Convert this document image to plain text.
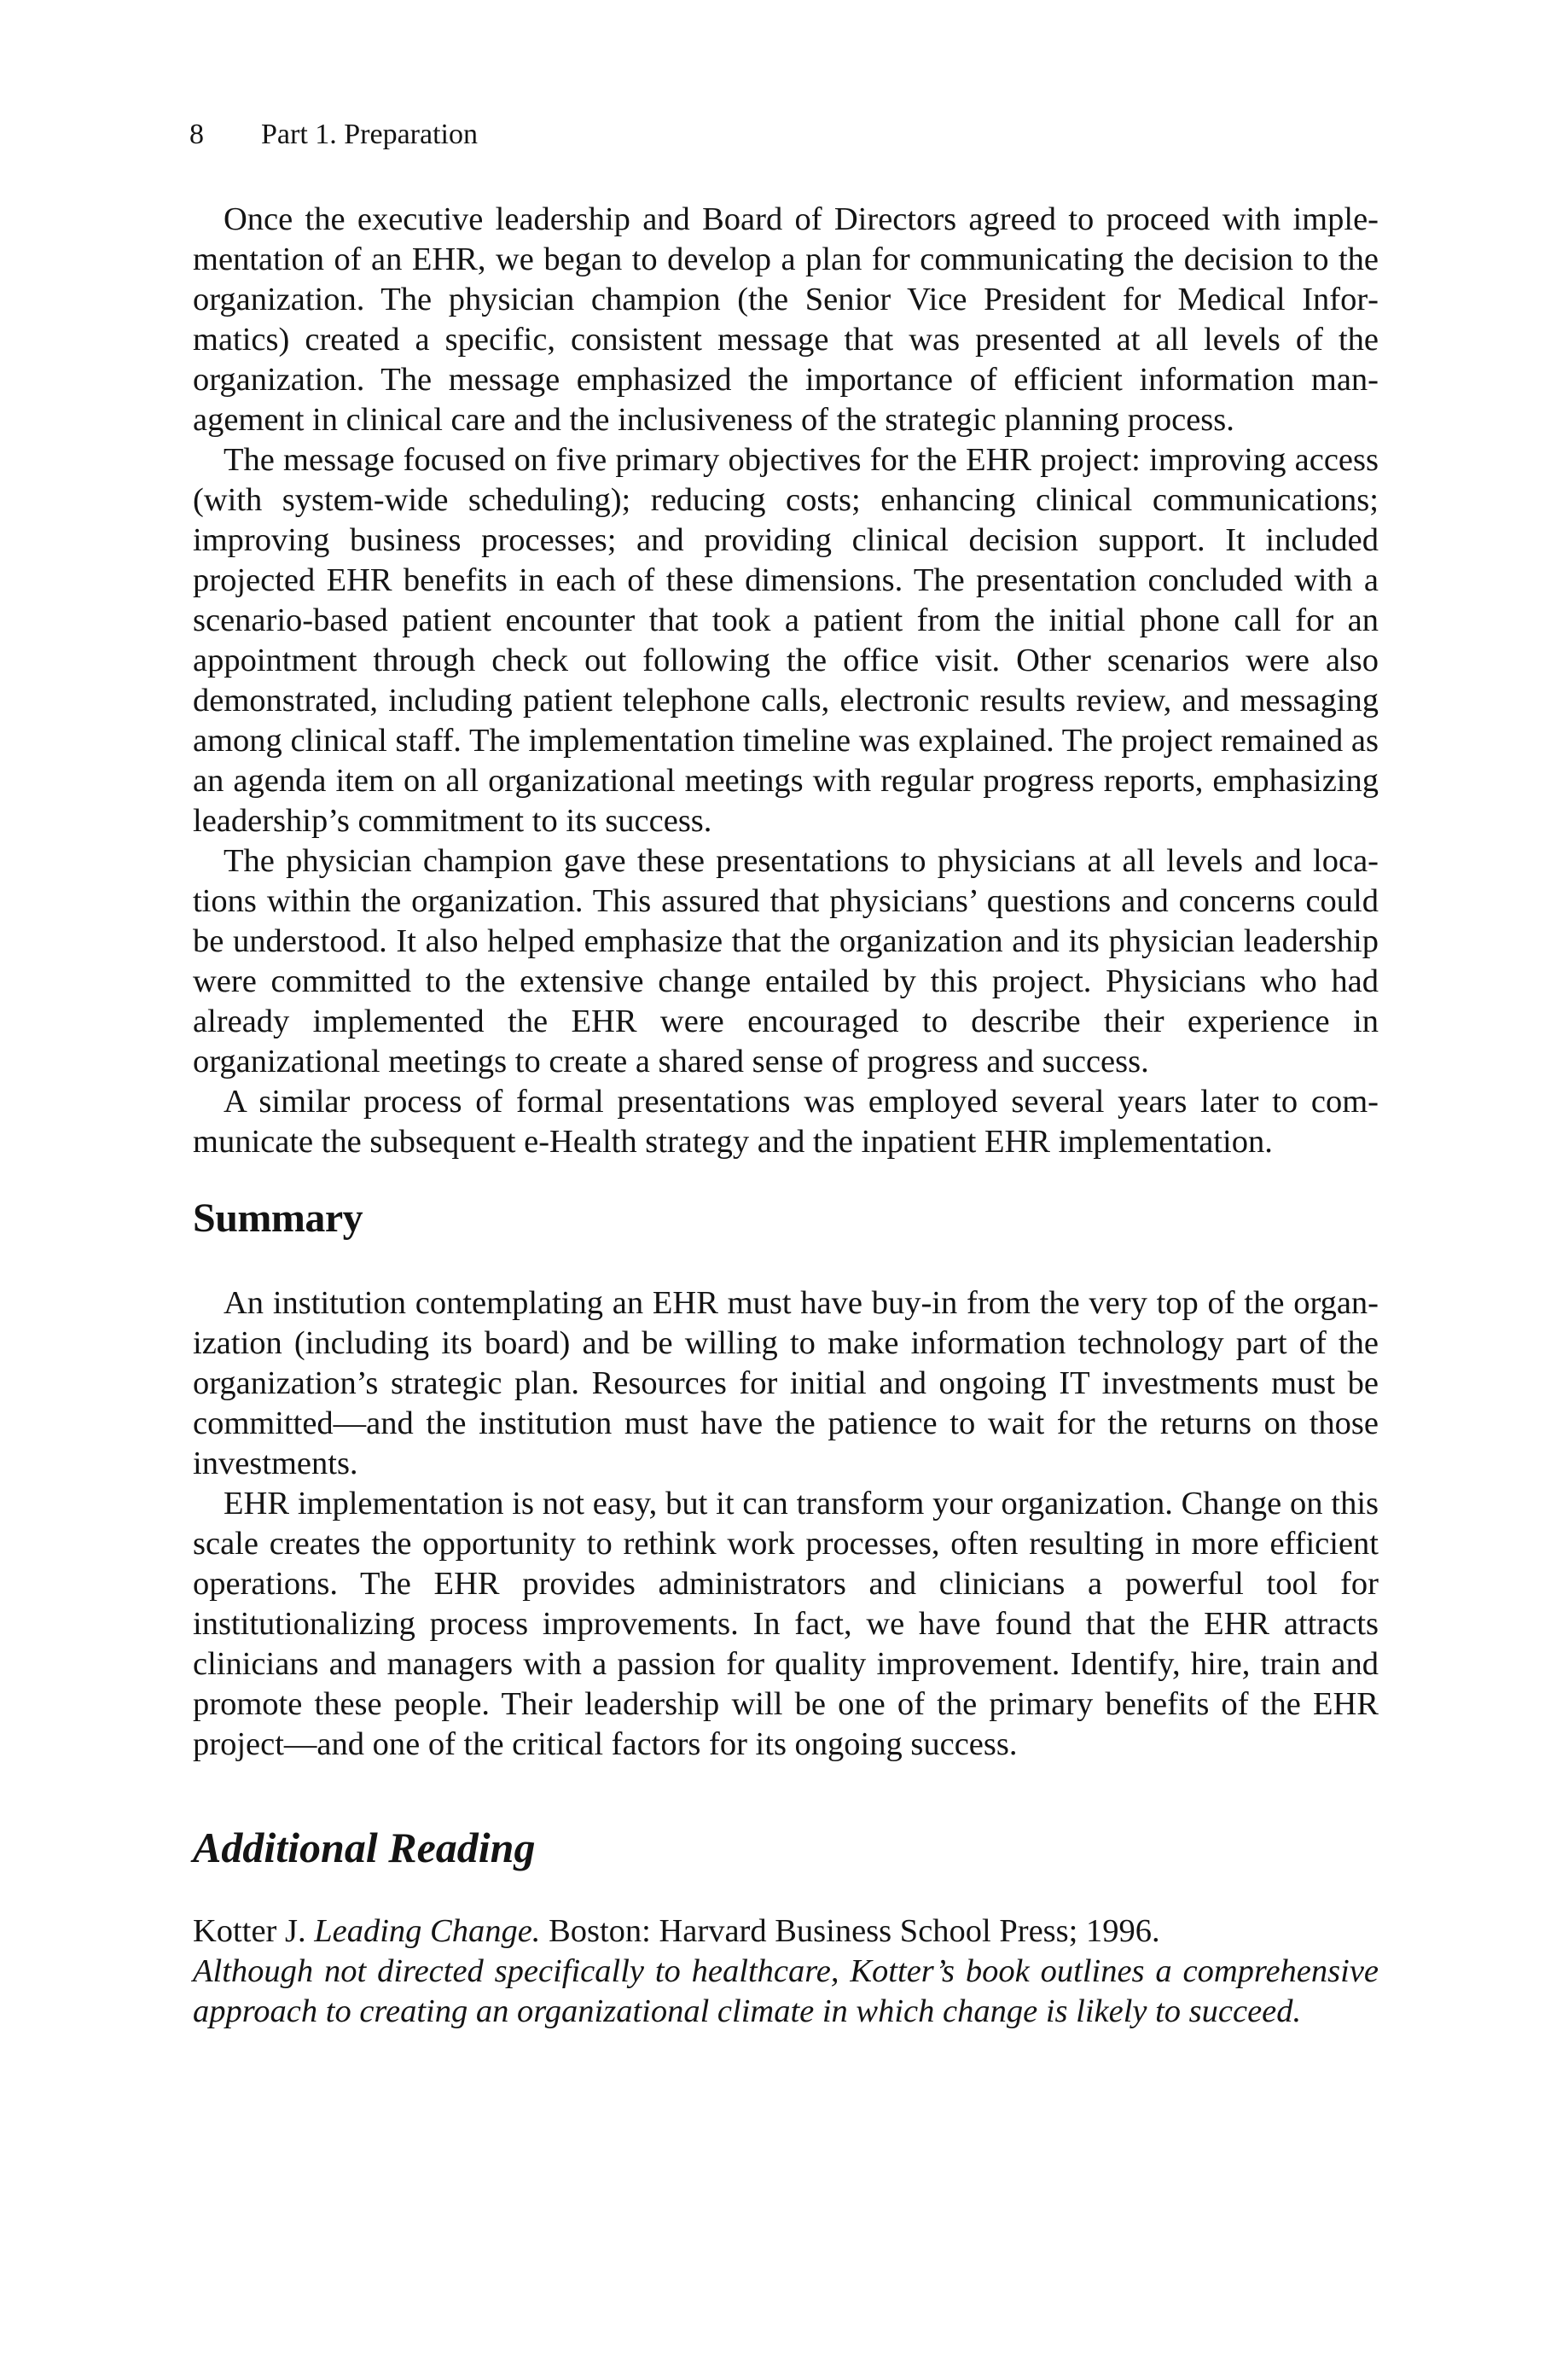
8 Part 1. Preparation

Once the executive leadership and Board of Directors agreed to proceed with implementation of an EHR, we began to develop a plan for communicating the decision to the organization. The physician champion (the Senior Vice President for Medical Informatics) created a specific, consistent message that was presented at all levels of the organization. The message emphasized the importance of efficient information management in clinical care and the inclusiveness of the strategic planning process.

The message focused on five primary objectives for the EHR project: improving access (with system-wide scheduling); reducing costs; enhancing clinical communications; improving business processes; and providing clinical decision support. It included projected EHR benefits in each of these dimensions. The presentation concluded with a scenario-based patient encounter that took a patient from the initial phone call for an appointment through check out following the office visit. Other scenarios were also demonstrated, including patient telephone calls, electronic results review, and messaging among clinical staff. The implementation timeline was explained. The project remained as an agenda item on all organizational meetings with regular progress reports, emphasizing leadership’s commitment to its success.

The physician champion gave these presentations to physicians at all levels and locations within the organization. This assured that physicians’ questions and concerns could be understood. It also helped emphasize that the organization and its physician leadership were committed to the extensive change entailed by this project. Physicians who had already implemented the EHR were encouraged to describe their experience in organizational meetings to create a shared sense of progress and success.

A similar process of formal presentations was employed several years later to communicate the subsequent e-Health strategy and the inpatient EHR implementation.

Summary

An institution contemplating an EHR must have buy-in from the very top of the organization (including its board) and be willing to make information technology part of the organization’s strategic plan. Resources for initial and ongoing IT investments must be committed—and the institution must have the patience to wait for the returns on those investments.

EHR implementation is not easy, but it can transform your organization. Change on this scale creates the opportunity to rethink work processes, often resulting in more efficient operations. The EHR provides administrators and clinicians a powerful tool for institutionalizing process improvements. In fact, we have found that the EHR attracts clinicians and managers with a passion for quality improvement. Identify, hire, train and promote these people. Their leadership will be one of the primary benefits of the EHR project—and one of the critical factors for its ongoing success.

Additional Reading

Kotter J. Leading Change. Boston: Harvard Business School Press; 1996.

Although not directed specifically to healthcare, Kotter’s book outlines a comprehensive approach to creating an organizational climate in which change is likely to succeed.
